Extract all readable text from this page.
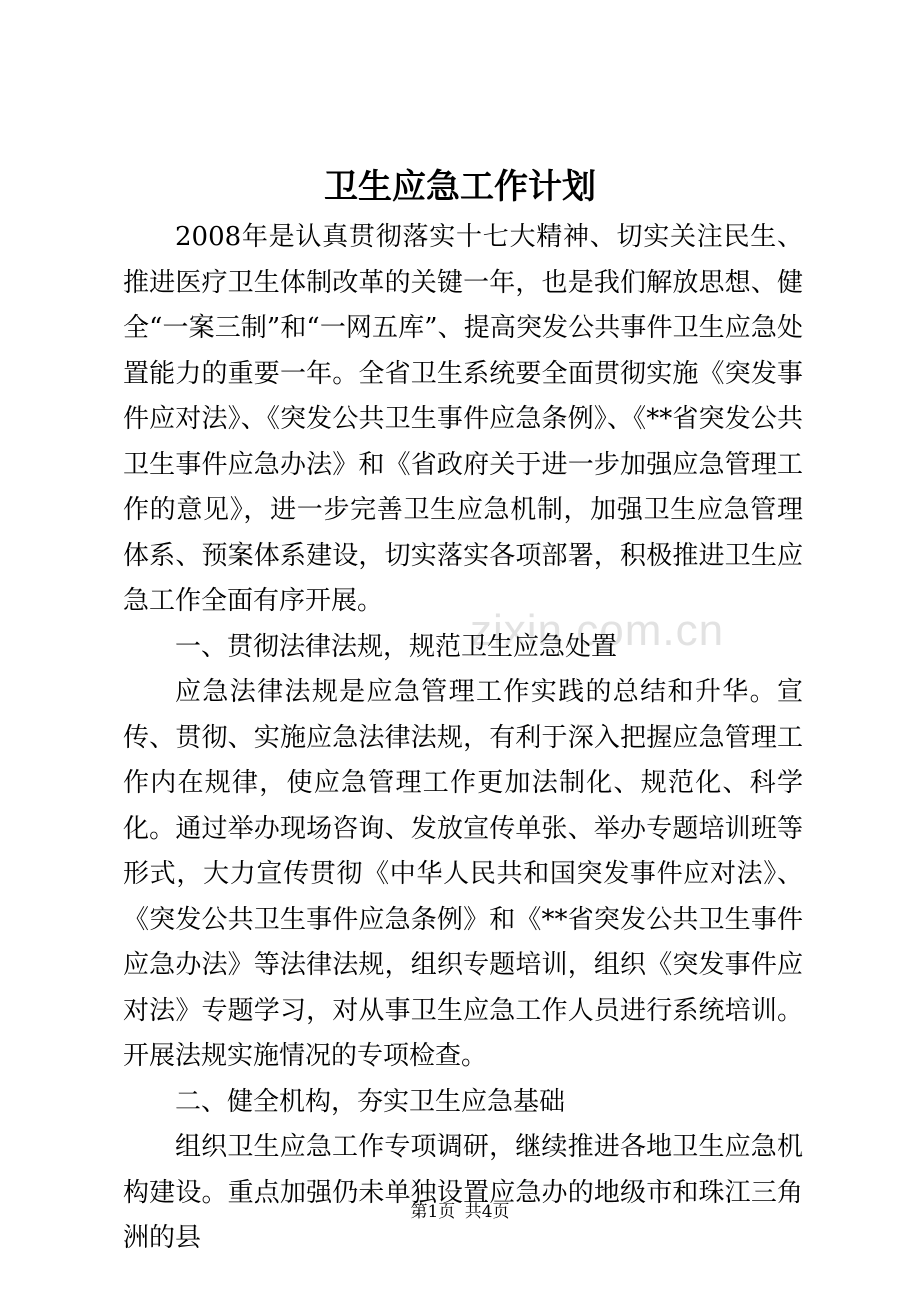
zixin.com.cn
卫生应急工作计划

2008年是认真贯彻落实十七大精神、切实关注民生、推进医疗卫生体制改革的关键一年，也是我们解放思想、健全“一案三制”和“一网五库”、提高突发公共事件卫生应急处置能力的重要一年。全省卫生系统要全面贯彻实施《突发事件应对法》、《突发公共卫生事件应急条例》、《**省突发公共卫生事件应急办法》和《省政府关于进一步加强应急管理工作的意见》，进一步完善卫生应急机制，加强卫生应急管理体系、预案体系建设，切实落实各项部署，积极推进卫生应急工作全面有序开展。

一、贯彻法律法规，规范卫生应急处置

应急法律法规是应急管理工作实践的总结和升华。宣传、贯彻、实施应急法律法规，有利于深入把握应急管理工作内在规律，使应急管理工作更加法制化、规范化、科学化。通过举办现场咨询、发放宣传单张、举办专题培训班等形式，大力宣传贯彻《中华人民共和国突发事件应对法》、《突发公共卫生事件应急条例》和《**省突发公共卫生事件应急办法》等法律法规，组织专题培训，组织《突发事件应对法》专题学习，对从事卫生应急工作人员进行系统培训。开展法规实施情况的专项检查。

二、健全机构，夯实卫生应急基础

组织卫生应急工作专项调研，继续推进各地卫生应急机构建设。重点加强仍未单独设置应急办的地级市和珠江三角洲的县

第1页 共4页
